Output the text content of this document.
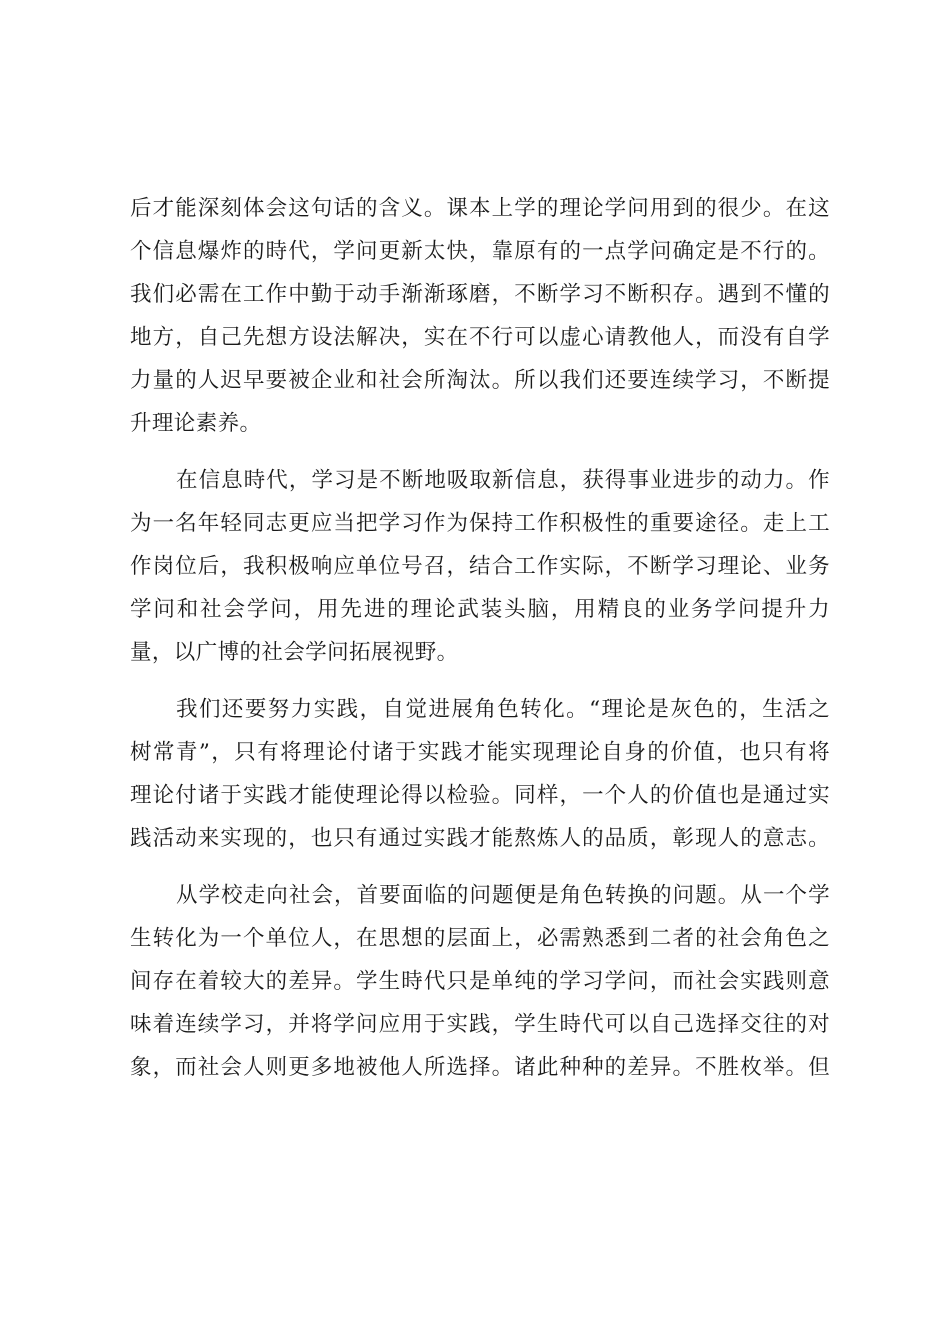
后才能深刻体会这句话的含义。课本上学的理论学问用到的很少。在这
个信息爆炸的時代，学问更新太快，靠原有的一点学问确定是不行的。
我们必需在工作中勤于动手渐渐琢磨，不断学习不断积存。遇到不懂的
地方，自己先想方设法解决，实在不行可以虚心请教他人，而没有自学
力量的人迟早要被企业和社会所淘汰。所以我们还要连续学习，不断提
升理论素养。
在信息時代，学习是不断地吸取新信息，获得事业进步的动力。作
为一名年轻同志更应当把学习作为保持工作积极性的重要途径。走上工
作岗位后，我积极响应单位号召，结合工作实际，不断学习理论、业务
学问和社会学问，用先进的理论武装头脑，用精良的业务学问提升力
量，以广博的社会学问拓展视野。
我们还要努力实践，自觉进展角色转化。“理论是灰色的，生活之
树常青”，只有将理论付诸于实践才能实现理论自身的价值，也只有将
理论付诸于实践才能使理论得以检验。同样，一个人的价值也是通过实
践活动来实现的，也只有通过实践才能熬炼人的品质，彰现人的意志。
从学校走向社会，首要面临的问题便是角色转换的问题。从一个学
生转化为一个单位人，在思想的层面上，必需熟悉到二者的社会角色之
间存在着较大的差异。学生時代只是单纯的学习学问，而社会实践则意
味着连续学习，并将学问应用于实践，学生時代可以自己选择交往的对
象，而社会人则更多地被他人所选择。诸此种种的差异。不胜枚举。但
